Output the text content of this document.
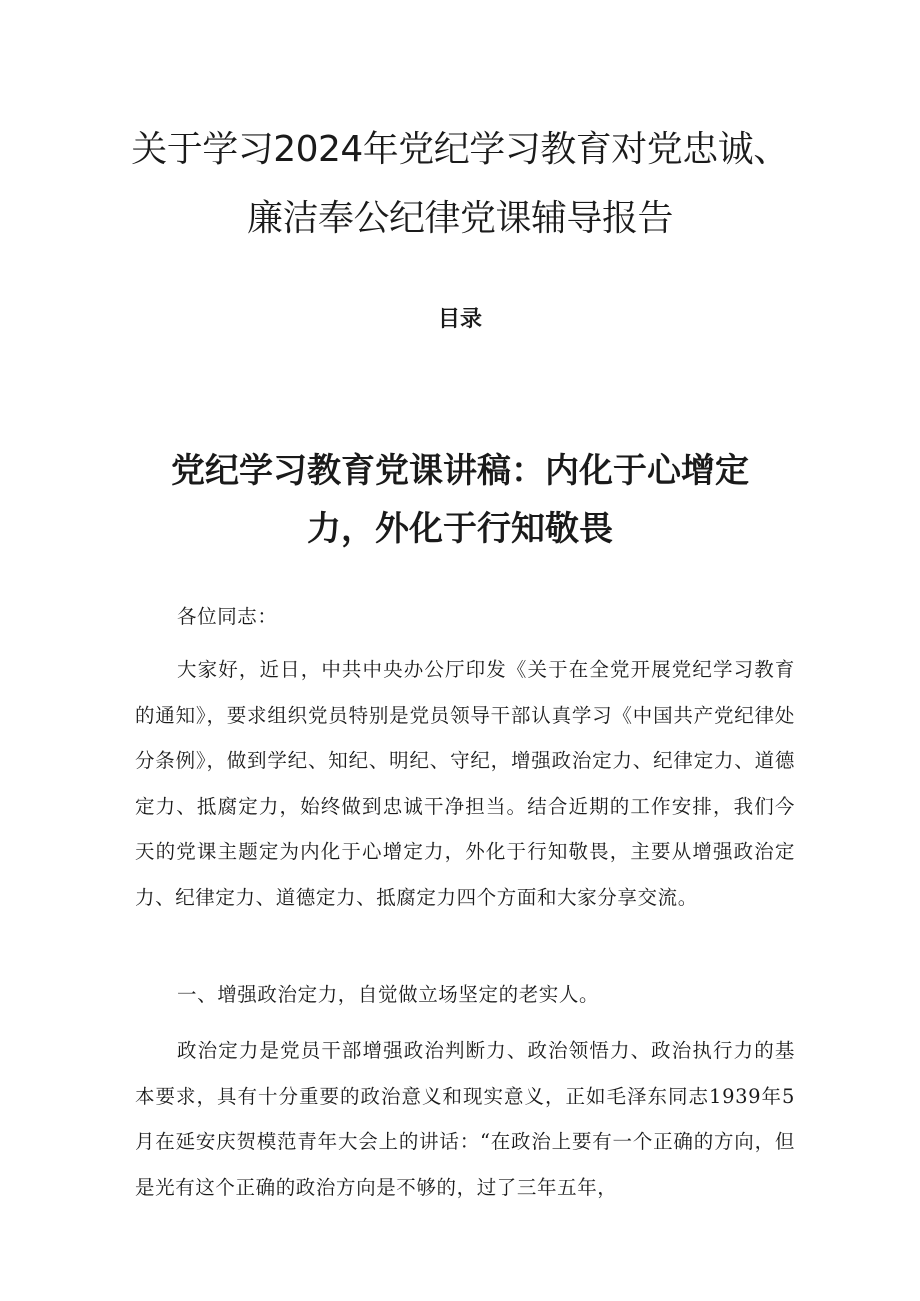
关于学习2024年党纪学习教育对党忠诚、
廉洁奉公纪律党课辅导报告
目录
党纪学习教育党课讲稿：内化于心增定
力，外化于行知敬畏

各位同志：

大家好，近日，中共中央办公厅印发《关于在全党开展党纪学习教育的通知》，要求组织党员特别是党员领导干部认真学习《中国共产党纪律处分条例》，做到学纪、知纪、明纪、守纪，增强政治定力、纪律定力、道德定力、抵腐定力，始终做到忠诚干净担当。结合近期的工作安排，我们今天的党课主题定为内化于心增定力，外化于行知敬畏，主要从增强政治定力、纪律定力、道德定力、抵腐定力四个方面和大家分享交流。

一、增强政治定力，自觉做立场坚定的老实人。

政治定力是党员干部增强政治判断力、政治领悟力、政治执行力的基本要求，具有十分重要的政治意义和现实意义，正如毛泽东同志1939年5月在延安庆贺模范青年大会上的讲话：“在政治上要有一个正确的方向，但是光有这个正确的政治方向是不够的，过了三年五年，
